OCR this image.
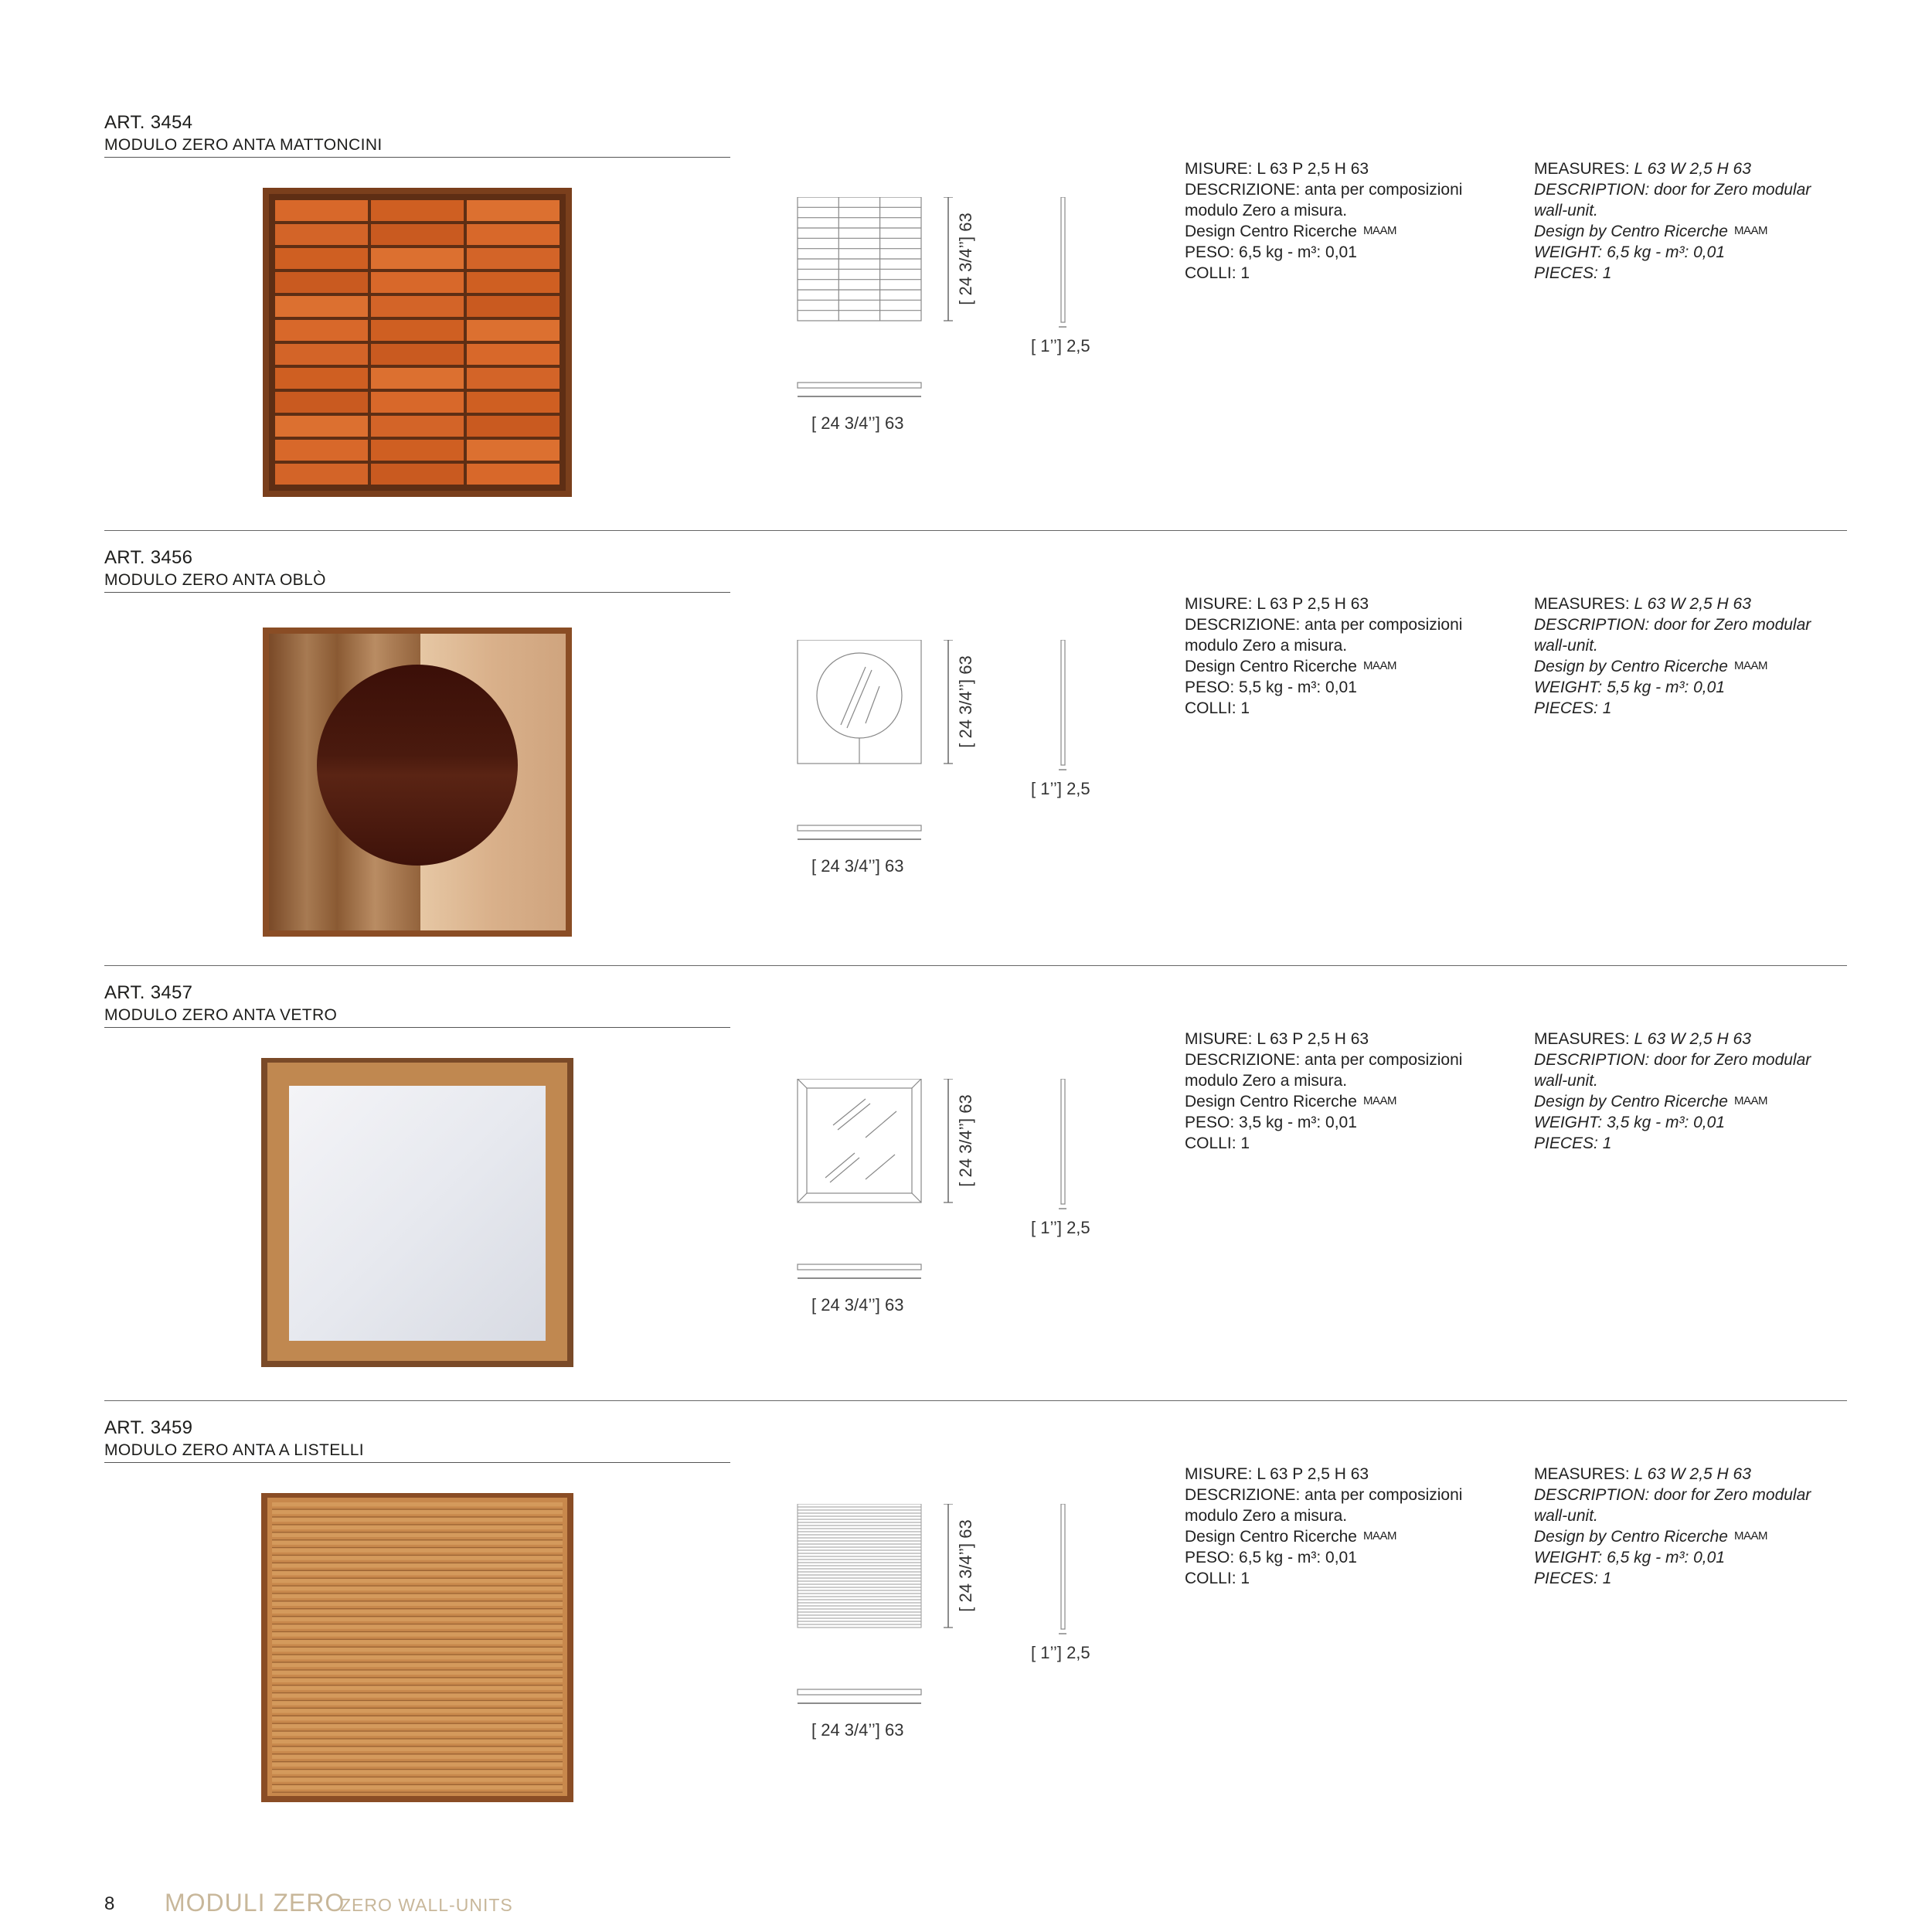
ART. 3454
MODULO ZERO ANTA MATTONCINI
[ 24 3/4’’] 63
[ 1’’] 2,5
[ 24 3/4’’] 63
MISURE: L 63 P 2,5 H 63
DESCRIZIONE: anta per composizioni
modulo Zero a misura.
Design Centro Ricerche MAAM
PESO: 6,5 kg - m³: 0,01
COLLI: 1
MEASURES: L 63 W 2,5 H 63
DESCRIPTION: door for Zero modular
wall-unit.
Design by Centro Ricerche MAAM
WEIGHT: 6,5 kg - m³: 0,01
PIECES: 1
ART. 3456
MODULO ZERO ANTA OBLÒ
[ 24 3/4’’] 63
[ 1’’] 2,5
[ 24 3/4’’] 63
MISURE: L 63 P 2,5 H 63
DESCRIZIONE: anta per composizioni
modulo Zero a misura.
Design Centro Ricerche MAAM
PESO: 5,5 kg - m³: 0,01
COLLI: 1
MEASURES: L 63 W 2,5 H 63
DESCRIPTION: door for Zero modular
wall-unit.
Design by Centro Ricerche MAAM
WEIGHT: 5,5 kg - m³: 0,01
PIECES: 1
ART. 3457
MODULO ZERO ANTA VETRO
[ 24 3/4’’] 63
[ 1’’] 2,5
[ 24 3/4’’] 63
MISURE: L 63 P 2,5 H 63
DESCRIZIONE: anta per composizioni
modulo Zero a misura.
Design Centro Ricerche MAAM
PESO: 3,5 kg - m³: 0,01
COLLI: 1
MEASURES: L 63 W 2,5 H 63
DESCRIPTION: door for Zero modular
wall-unit.
Design by Centro Ricerche MAAM
WEIGHT: 3,5 kg - m³: 0,01
PIECES: 1
ART. 3459
MODULO ZERO ANTA A LISTELLI
[ 24 3/4’’] 63
[ 1’’] 2,5
[ 24 3/4’’] 63
MISURE: L 63 P 2,5 H 63
DESCRIZIONE: anta per composizioni
modulo Zero a misura.
Design Centro Ricerche MAAM
PESO: 6,5 kg - m³: 0,01
COLLI: 1
MEASURES: L 63 W 2,5 H 63
DESCRIPTION: door for Zero modular
wall-unit.
Design by Centro Ricerche MAAM
WEIGHT: 6,5 kg - m³: 0,01
PIECES: 1
8 MODULI ZERO
ZERO WALL-UNITS
